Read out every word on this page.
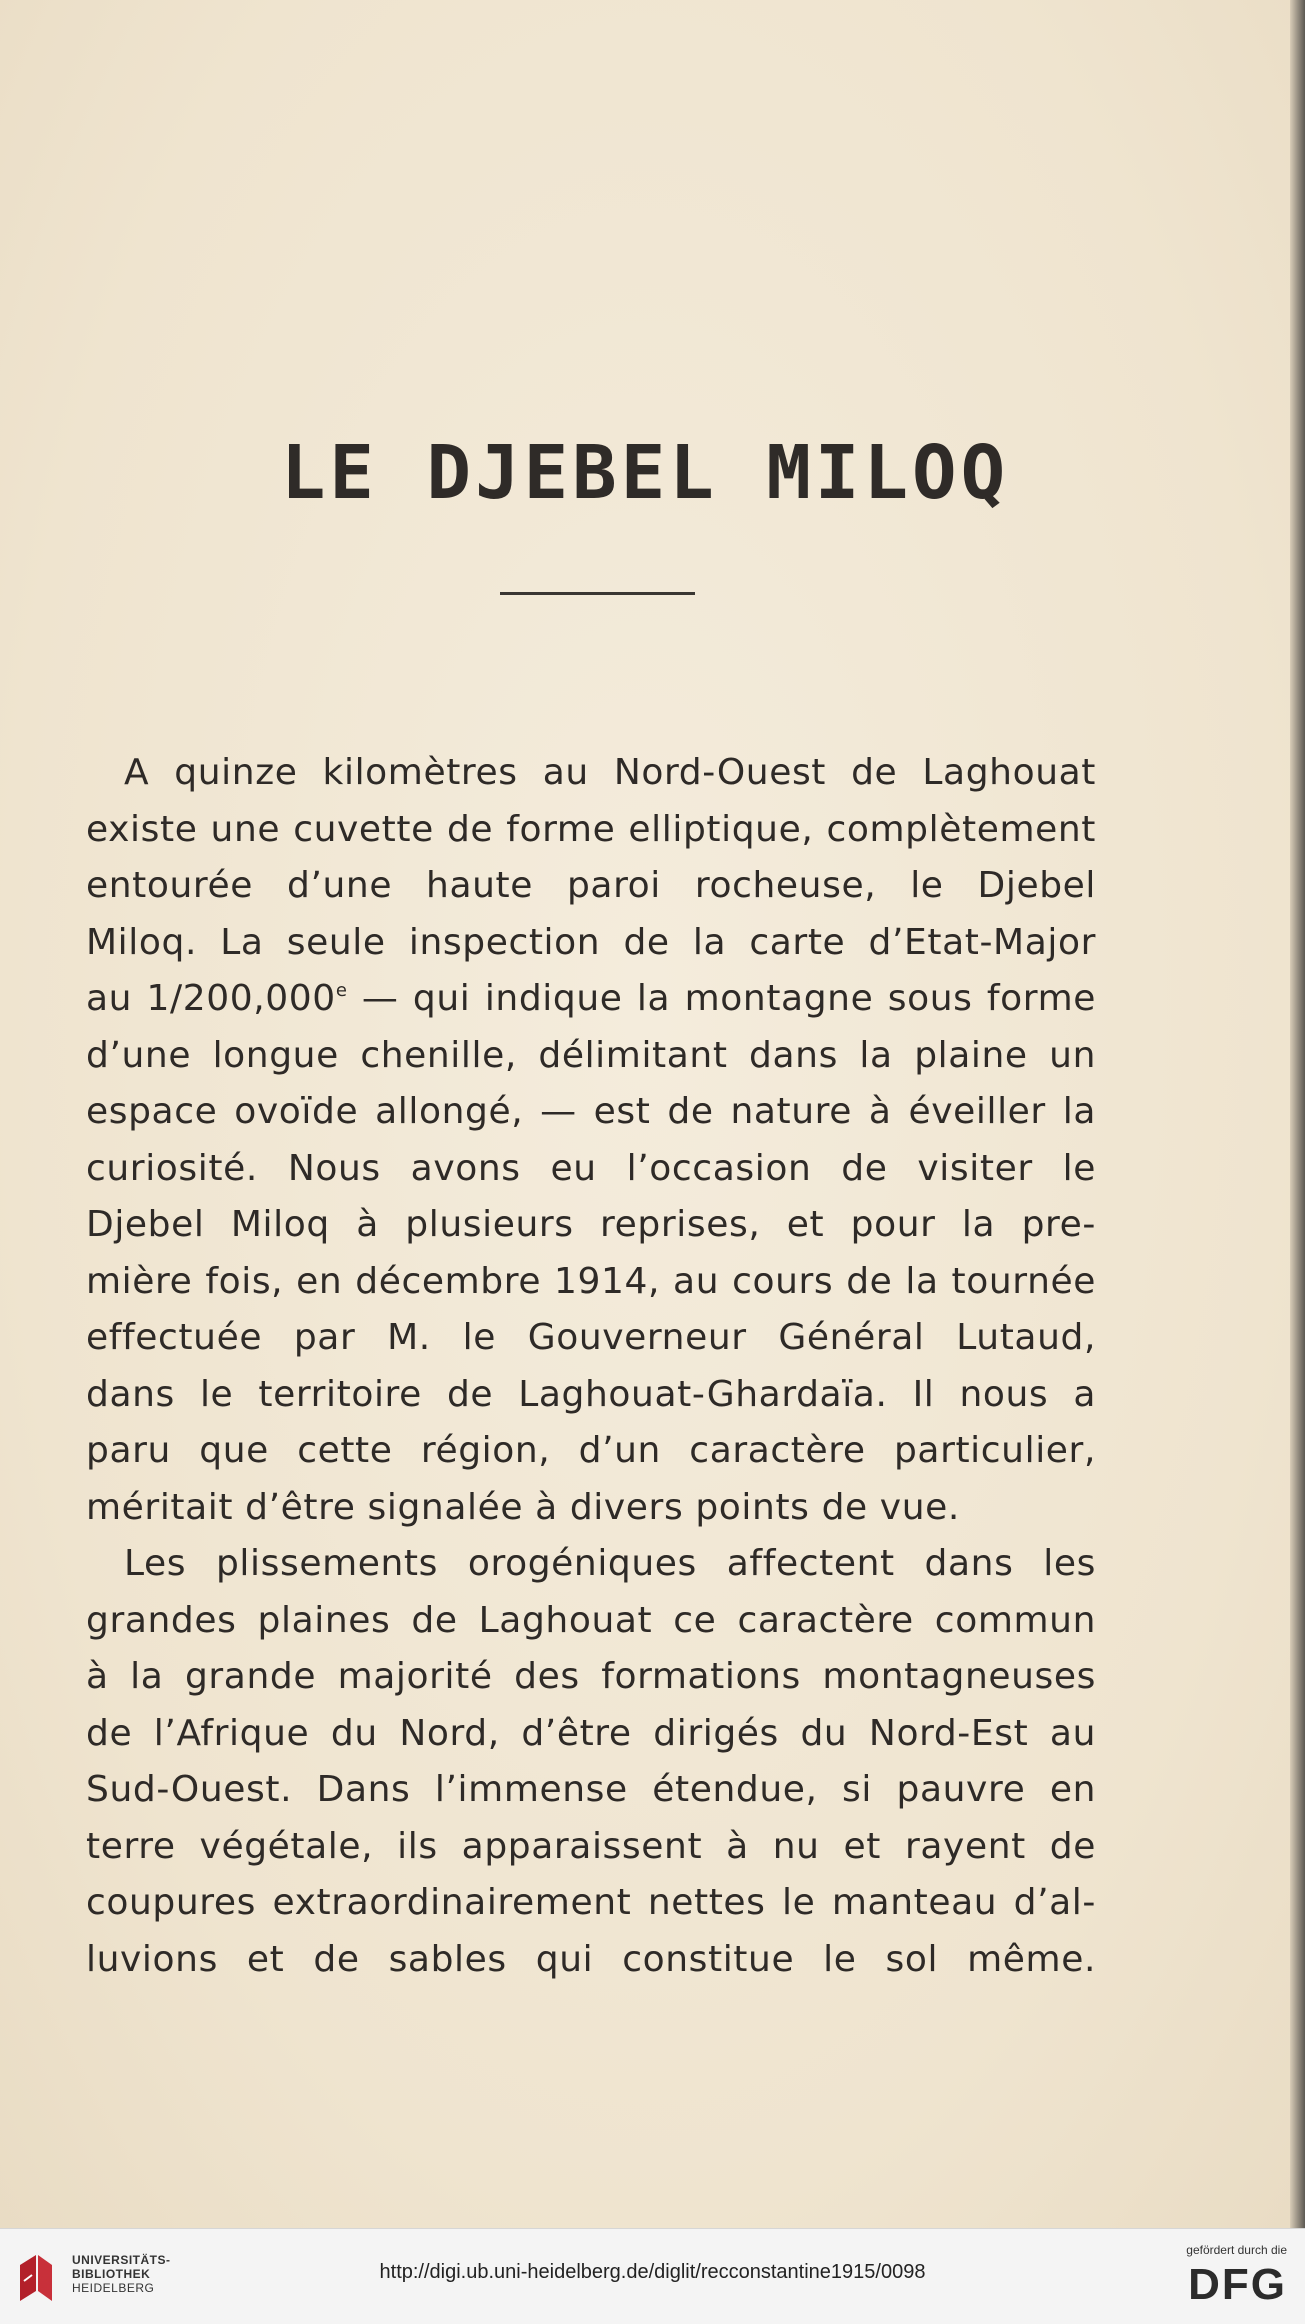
LE DJEBEL MILOQ
A quinze kilomètres au Nord-Ouest de Laghouat
existe une cuvette de forme elliptique, complètement
entourée d’une haute paroi rocheuse, le Djebel
Miloq. La seule inspection de la carte d’Etat-Major
au 1/200,000e — qui indique la montagne sous forme
d’une longue chenille, délimitant dans la plaine un
espace ovoïde allongé, — est de nature à éveiller la
curiosité. Nous avons eu l’occasion de visiter le
Djebel Miloq à plusieurs reprises, et pour la pre-
mière fois, en décembre 1914, au cours de la tournée
effectuée par M. le Gouverneur Général Lutaud,
dans le territoire de Laghouat-Ghardaïa. Il nous a
paru que cette région, d’un caractère particulier,
méritait d’être signalée à divers points de vue.
Les plissements orogéniques affectent dans les
grandes plaines de Laghouat ce caractère commun
à la grande majorité des formations montagneuses
de l’Afrique du Nord, d’être dirigés du Nord-Est au
Sud-Ouest. Dans l’immense étendue, si pauvre en
terre végétale, ils apparaissent à nu et rayent de
coupures extraordinairement nettes le manteau d’al-
luvions et de sables qui constitue le sol même.
UNIVERSITÄTS-
BIBLIOTHEK
HEIDELBERG
http://digi.ub.uni-heidelberg.de/diglit/recconstantine1915/0098
gefördert durch die
DFG
